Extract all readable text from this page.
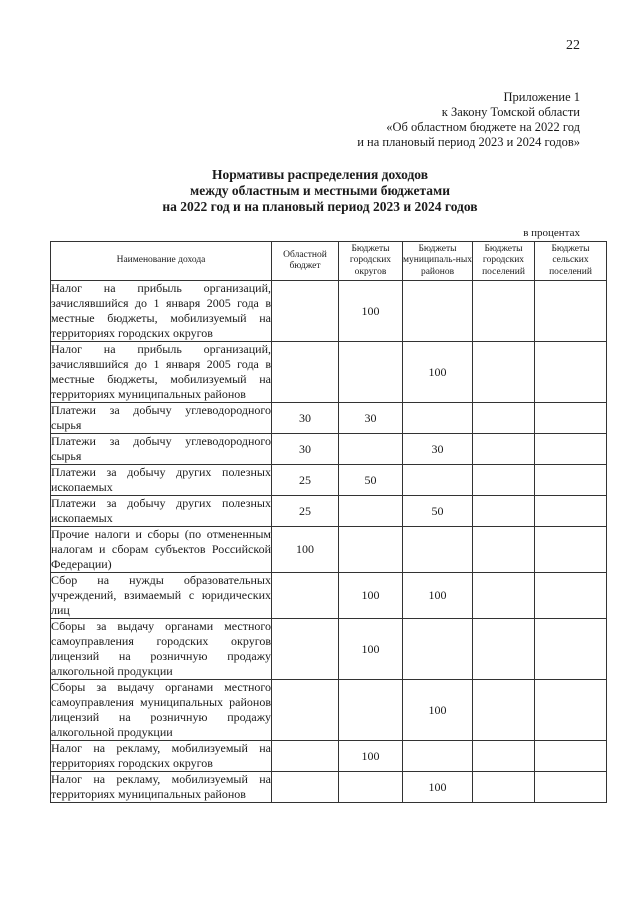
22
Приложение 1
к Закону Томской области
«Об областном бюджете на 2022 год
и на плановый период 2023 и 2024 годов»
Нормативы распределения доходов
между областным и местными бюджетами
на 2022 год и на плановый период 2023 и 2024 годов
в процентах
Наименование дохода	Областной бюджет	Бюджеты городских округов	Бюджеты муниципаль-ных районов	Бюджеты городских поселений	Бюджеты сельских поселений
Налог на прибыль организаций, зачислявшийся до 1 января 2005 года в местные бюджеты, мобилизуемый на территориях городских округов		100			
Налог на прибыль организаций, зачислявшийся до 1 января 2005 года в местные бюджеты, мобилизуемый на территориях муниципальных районов			100		
Платежи за добычу углеводородного сырья	30	30			
Платежи за добычу углеводородного сырья	30		30		
Платежи за добычу других полезных ископаемых	25	50			
Платежи за добычу других полезных ископаемых	25		50		
Прочие налоги и сборы (по отмененным налогам и сборам субъектов Российской Федерации)	100				
Сбор на нужды образовательных учреждений, взимаемый с юридических лиц		100	100		
Сборы за выдачу органами местного самоуправления городских округов лицензий на розничную продажу алкогольной продукции		100			
Сборы за выдачу органами местного самоуправления муниципальных районов лицензий на розничную продажу алкогольной продукции			100		
Налог на рекламу, мобилизуемый на территориях городских округов		100			
Налог на рекламу, мобилизуемый на территориях муниципальных районов			100		
